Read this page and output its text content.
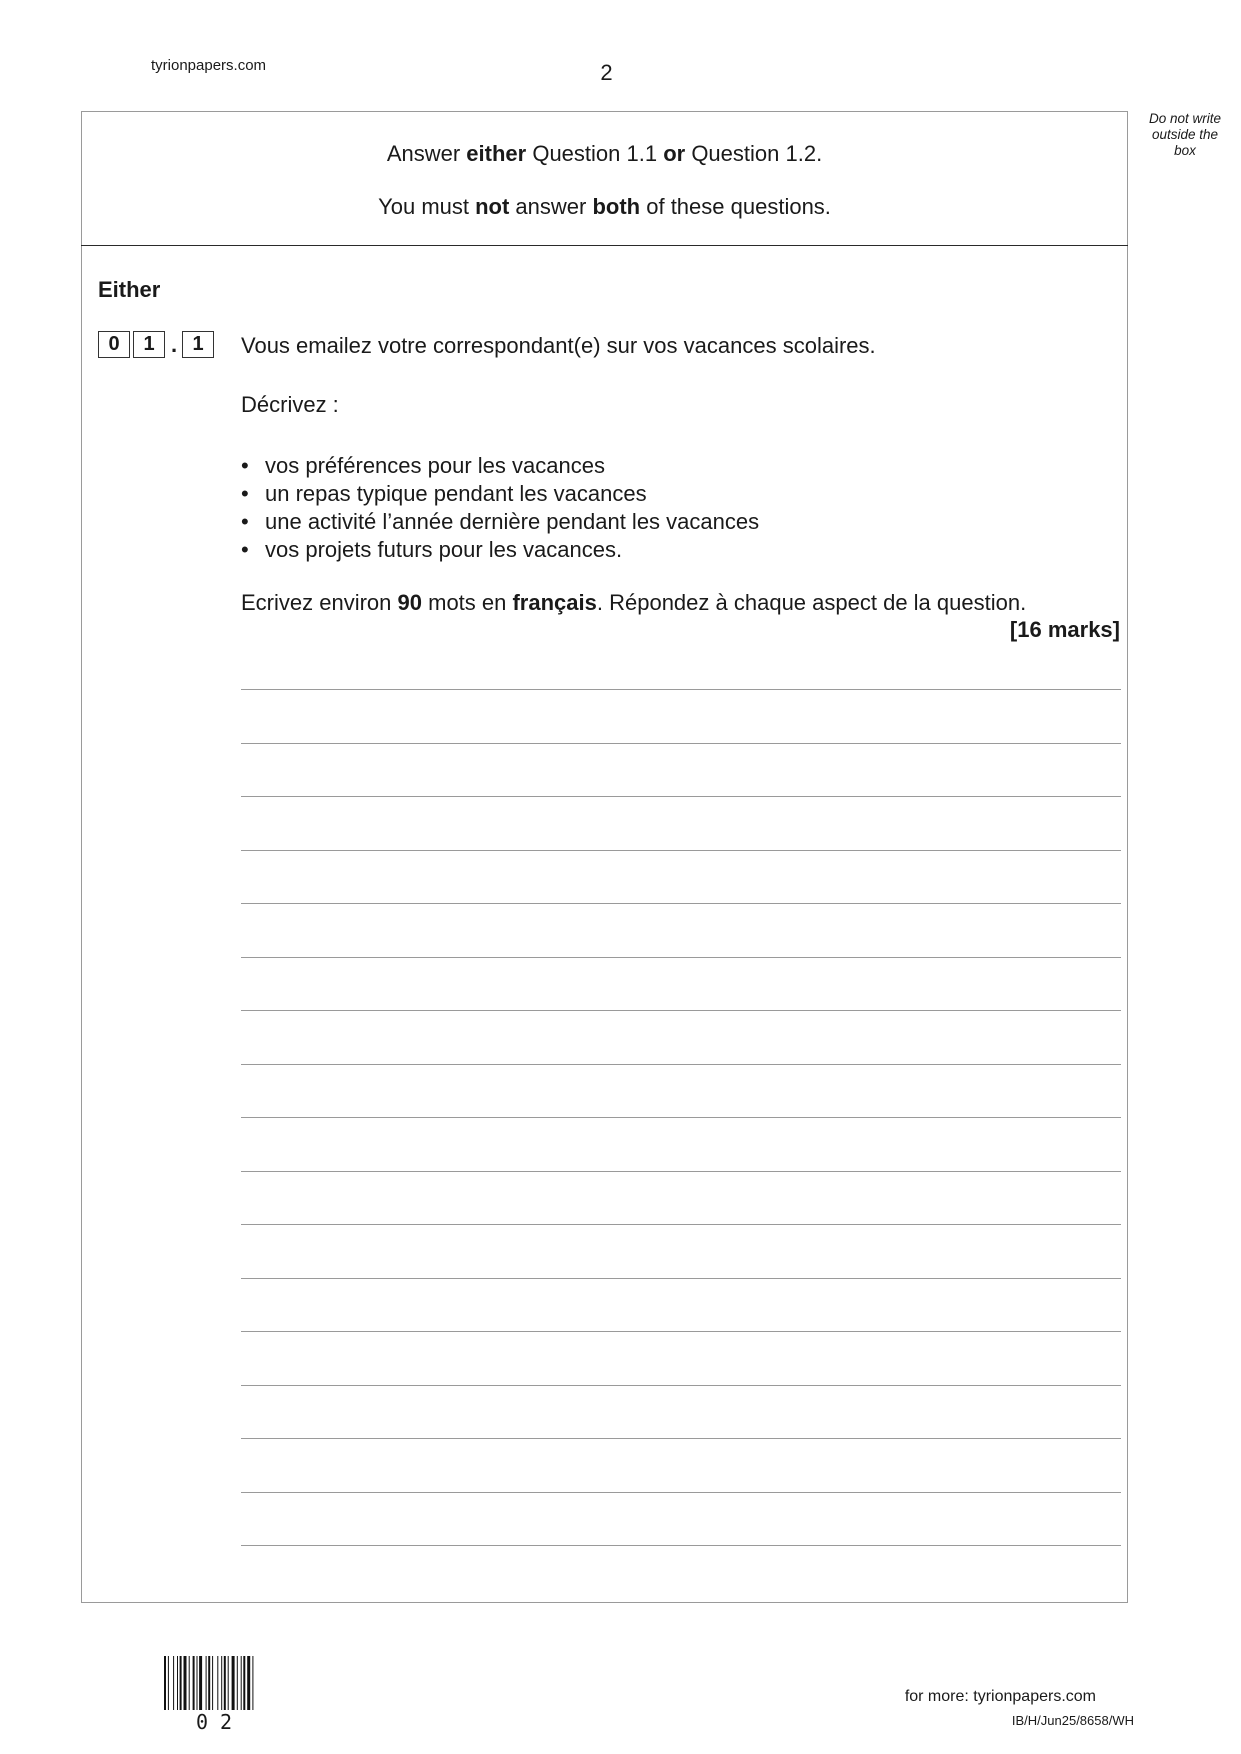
tyrionpapers.com	2
Do not write
outside the
box
Answer either Question 1.1 or Question 1.2.
You must not answer both of these questions.
Either
0	1 . 1	Vous emailez votre correspondant(e) sur vos vacances scolaires.
Décrivez :
• vos préférences pour les vacances
• un repas typique pendant les vacances
• une activité l’année dernière pendant les vacances
• vos projets futurs pour les vacances.
Ecrivez environ 90 mots en français. Répondez à chaque aspect de la question.
[16 marks]
02
for more: tyrionpapers.com
IB/H/Jun25/8658/WH
